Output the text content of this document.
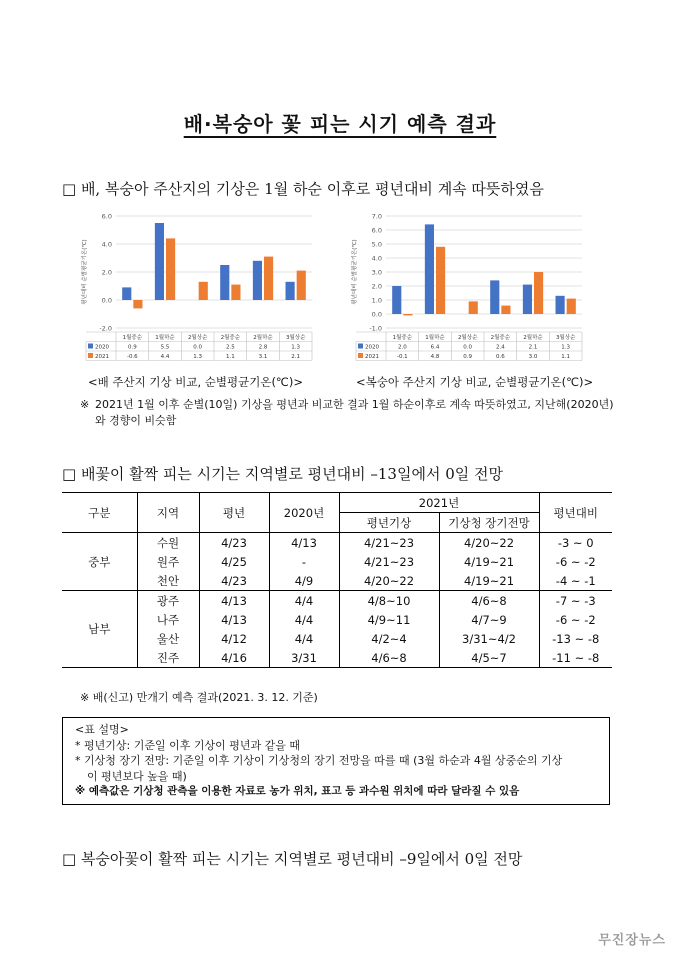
배·복숭아 꽃 피는 시기 예측 결과
□ 배, 복숭아 주산지의 기상은 1월 하순 이후로 평년대비 계속 따뜻하였음
평년대비 순별평균기온(℃)
6.0
4.0
2.0
0.0
-2.0
1월중순 1월하순 2월상순 2월중순 2월하순 3월상순
2020	0.9	5.5	0.0	2.5	2.8	1.3
2021	-0.6	4.4	1.3	1.1	3.1	2.1
평년대비 순별평균기온(℃)
7.0
6.0
5.0
4.0
3.0
2.0
1.0
0.0
-1.0
1월중순 1월하순 2월상순 2월중순 2월하순 3월상순
2020	2.0	6.4	0.0	2.4	2.1	1.3
2021	-0.1	4.8	0.9	0.6	3.0	1.1
<배 주산지 기상 비교, 순별평균기온(℃)>	<복숭아 주산지 기상 비교, 순별평균기온(℃)>
※ 2021년 1월 이후 순별(10일) 기상을 평년과 비교한 결과 1월 하순이후로 계속 따뜻하였고, 지난해(2020년)와 경향이 비슷함
□ 배꽃이 활짝 피는 시기는 지역별로 평년대비 –13일에서 0일 전망
구분	지역	평년	2020년	2021년		평년대비
				평년기상	기상청 장기전망	
중부	수원	4/23	4/13	4/21~23	4/20~22	-3 ~ 0
	원주	4/25	-	4/21~23	4/19~21	-6 ~ -2
	천안	4/23	4/9	4/20~22	4/19~21	-4 ~ -1
남부	광주	4/13	4/4	4/8~10	4/6~8	-7 ~ -3
	나주	4/13	4/4	4/9~11	4/7~9	-6 ~ -2
	울산	4/12	4/4	4/2~4	3/31~4/2	-13 ~ -8
	진주	4/16	3/31	4/6~8	4/5~7	-11 ~ -8
※ 배(신고) 만개기 예측 결과(2021. 3. 12. 기준)
<표 설명>
* 평년기상: 기준일 이후 기상이 평년과 같을 때
* 기상청 장기 전망: 기준일 이후 기상이 기상청의 장기 전망을 따를 때 (3월 하순과 4월 상중순의 기상
이 평년보다 높을 때)
※ 예측값은 기상청 관측을 이용한 자료로 농가 위치, 표고 등 과수원 위치에 따라 달라질 수 있음
□ 복숭아꽃이 활짝 피는 시기는 지역별로 평년대비 –9일에서 0일 전망
무진장뉴스
